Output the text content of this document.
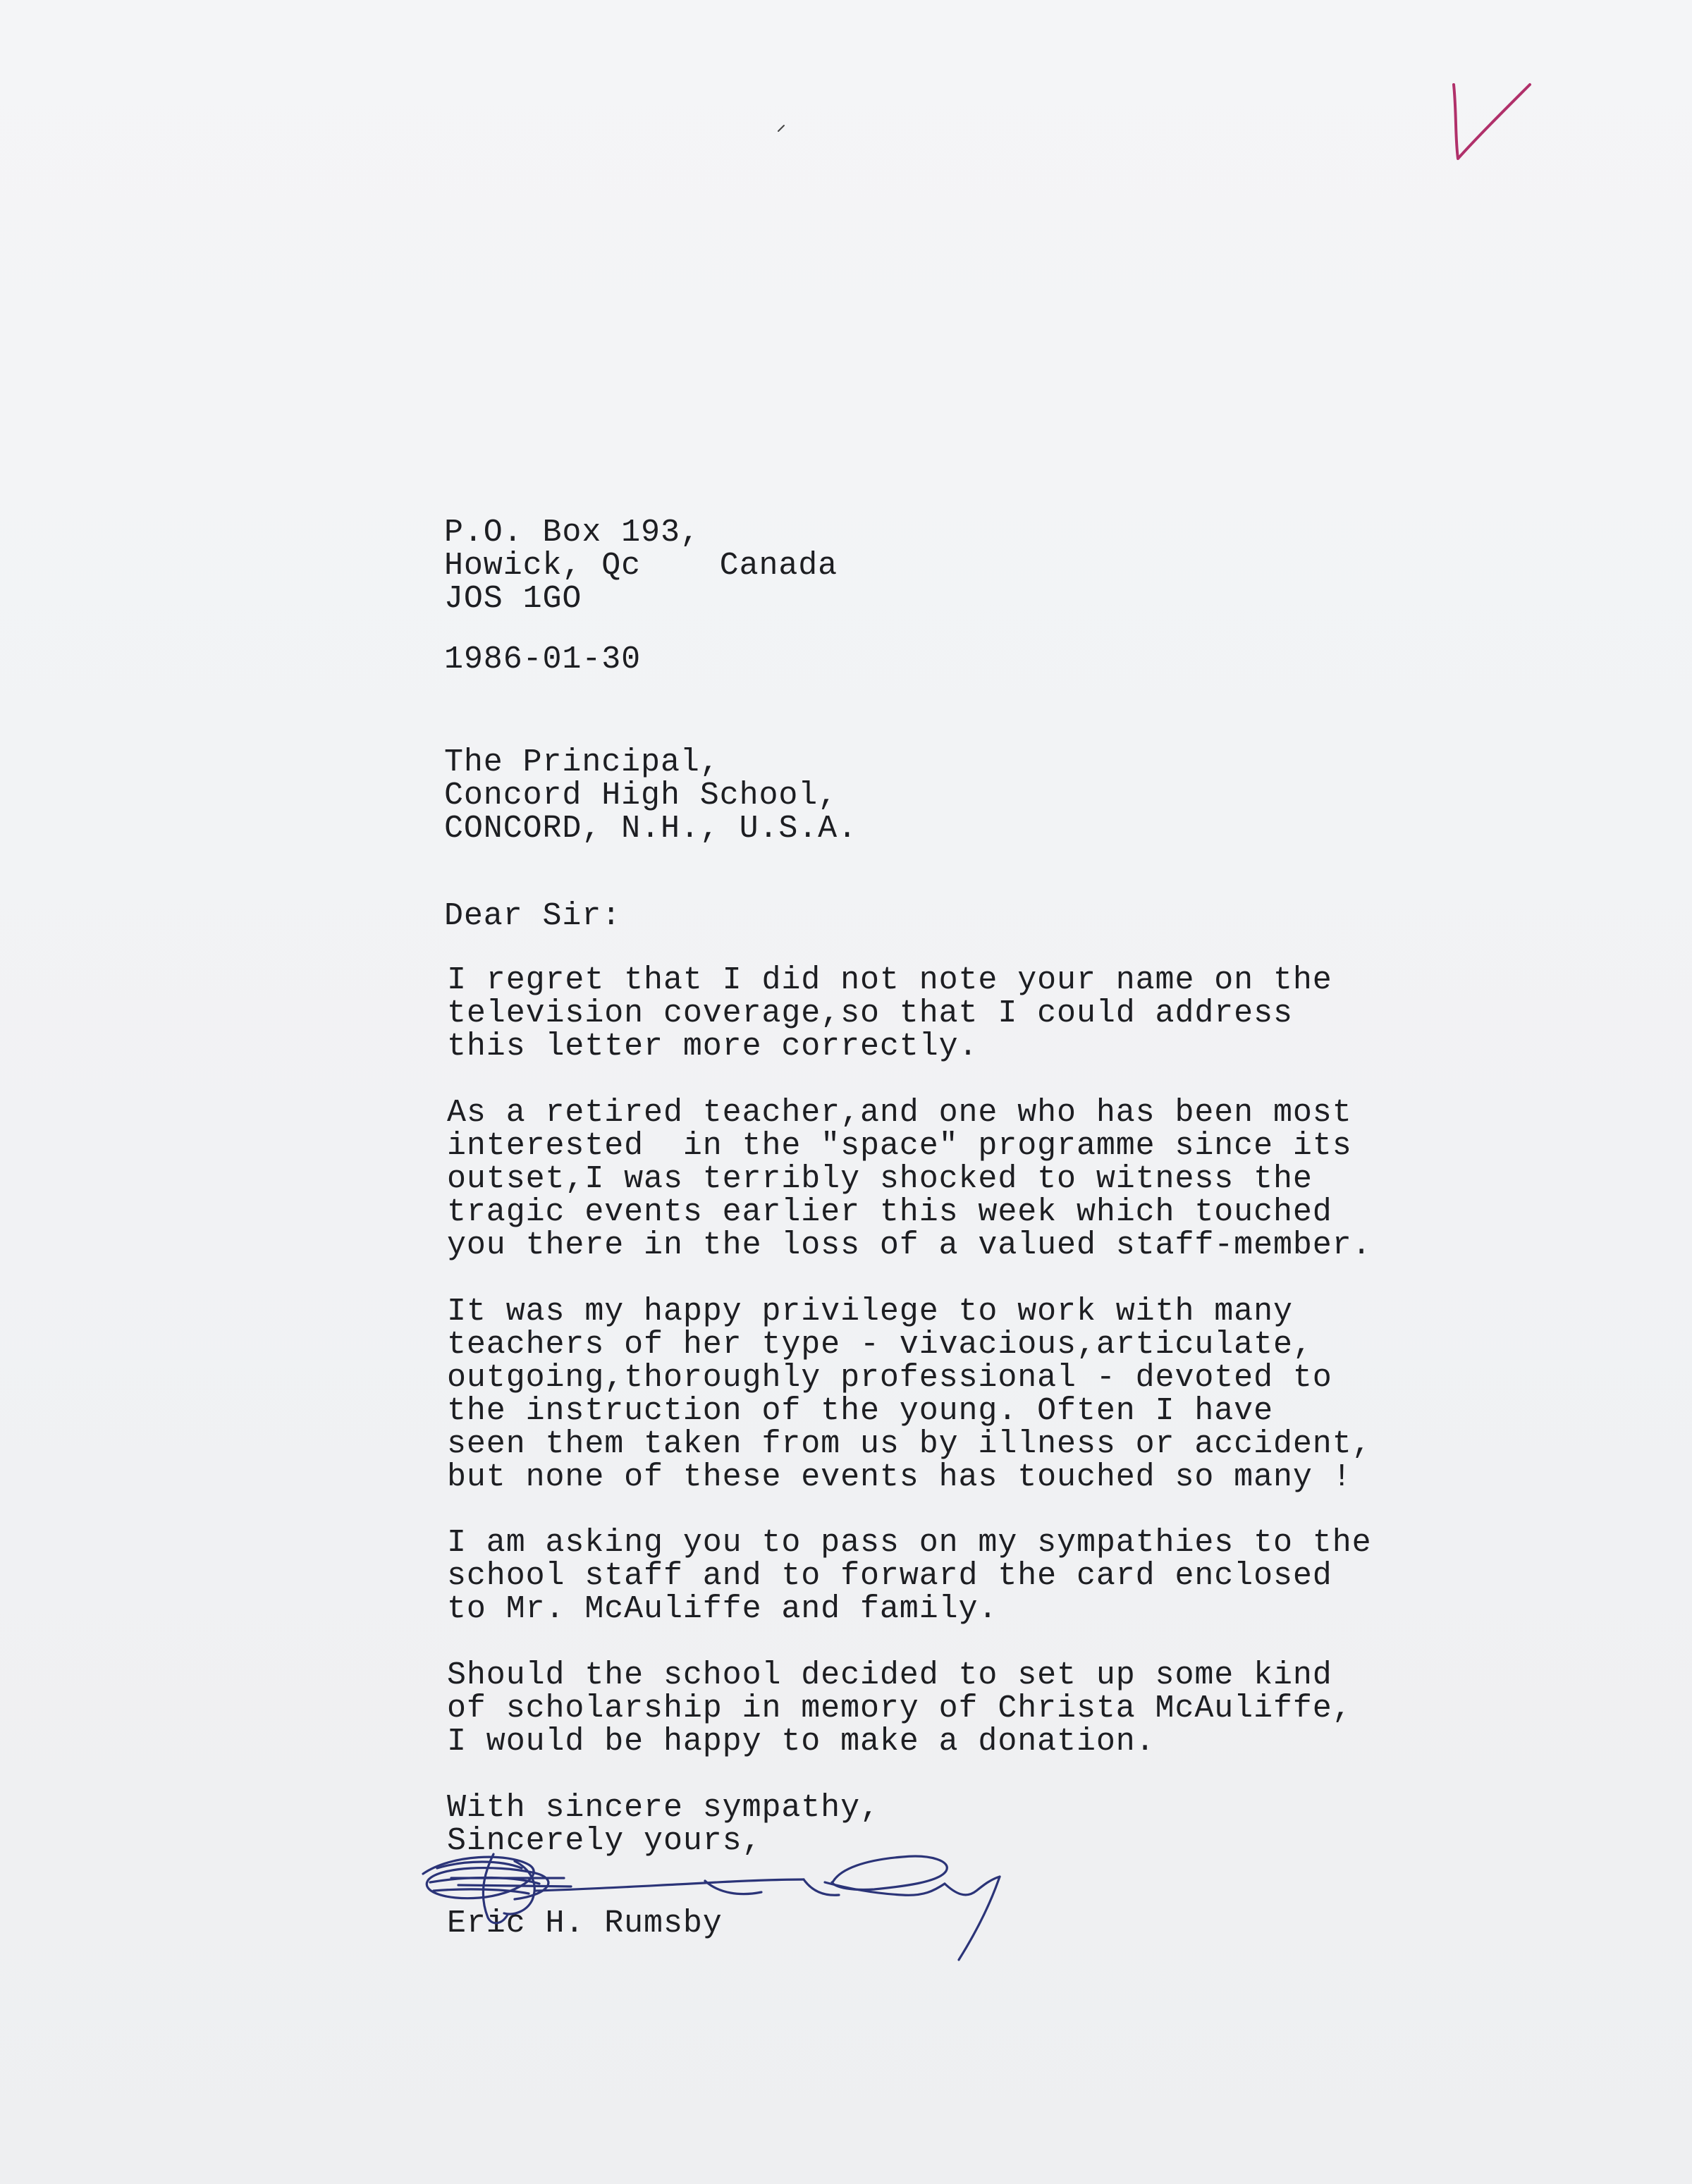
P.O. Box 193,
Howick, Qc    Canada
JOS 1GO
1986-01-30
The Principal,
Concord High School,
CONCORD, N.H., U.S.A.
Dear Sir:
I regret that I did not note your name on the
television coverage,so that I could address
this letter more correctly.
As a retired teacher,and one who has been most
interested  in the "space" programme since its
outset,I was terribly shocked to witness the
tragic events earlier this week which touched
you there in the loss of a valued staff-member.
It was my happy privilege to work with many
teachers of her type - vivacious,articulate,
outgoing,thoroughly professional - devoted to
the instruction of the young. Often I have
seen them taken from us by illness or accident,
but none of these events has touched so many !
I am asking you to pass on my sympathies to the
school staff and to forward the card enclosed
to Mr. McAuliffe and family.
Should the school decided to set up some kind
of scholarship in memory of Christa McAuliffe,
I would be happy to make a donation.
With sincere sympathy,
Sincerely yours,
Eric H. Rumsby
